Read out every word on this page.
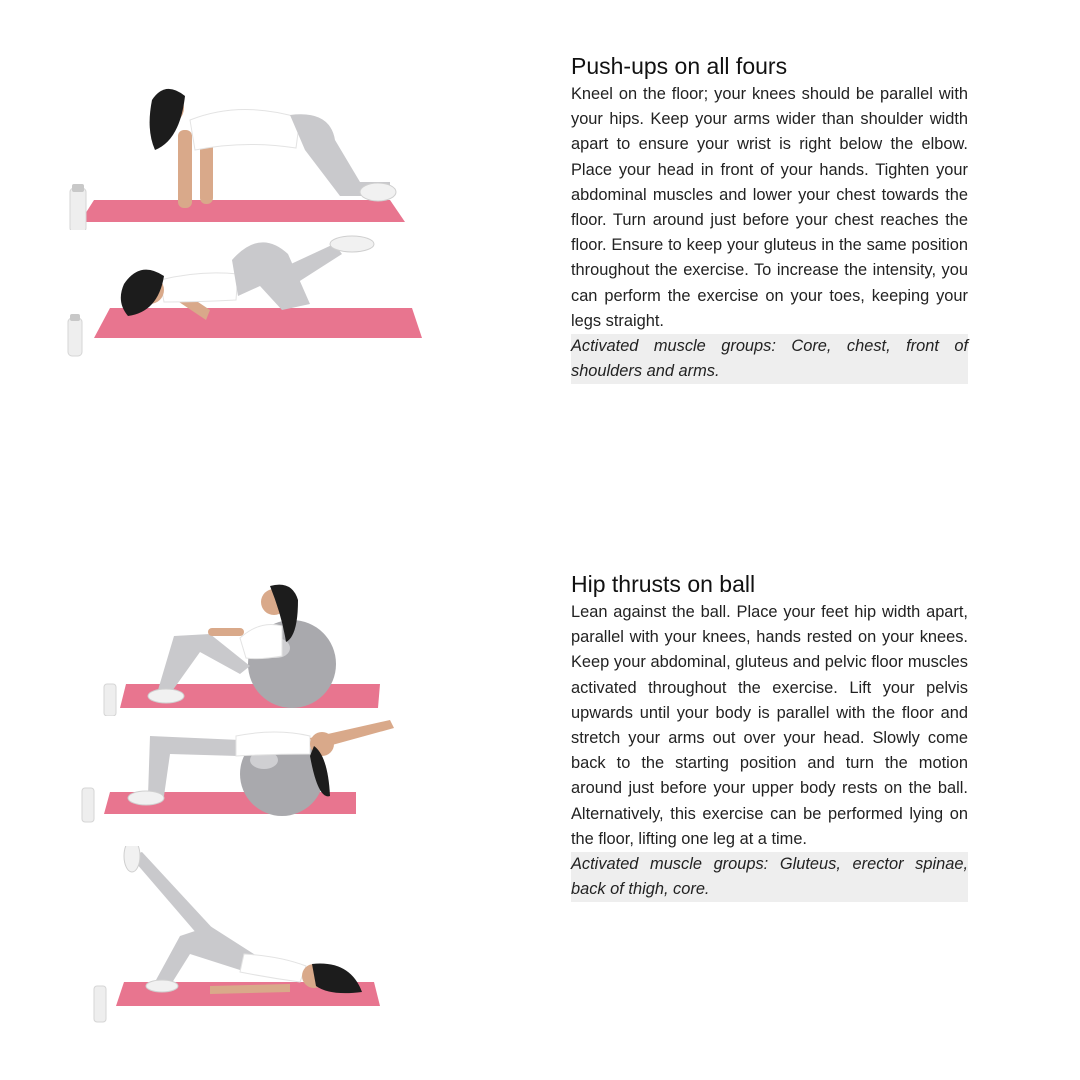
Push-ups on all fours

Kneel on the floor; your knees should be parallel with your hips. Keep your arms wider than shoulder width apart to ensure your wrist is right below the elbow. Place your head in front of your hands. Tighten your abdominal muscles and lower your chest towards the floor. Turn around just before your chest reaches the floor. Ensure to keep your gluteus in the same position throughout the exercise. To increase the intensity, you can perform the exercise on your toes, keeping your legs straight.

Activated muscle groups: Core, chest, front of shoulders and arms.

Hip thrusts on ball

Lean against the ball. Place your feet hip width apart, parallel with your knees, hands rested on your knees. Keep your abdominal, gluteus and pelvic floor muscles activated throughout the exercise. Lift your pelvis upwards until your body is parallel with the floor and stretch your arms out over your head. Slowly come back to the starting position and turn the motion around just before your upper body rests on the ball. Alternatively, this exercise can be performed lying on the floor, lifting one leg at a time.

Activated muscle groups: Gluteus, erector spinae, back of thigh, core.
